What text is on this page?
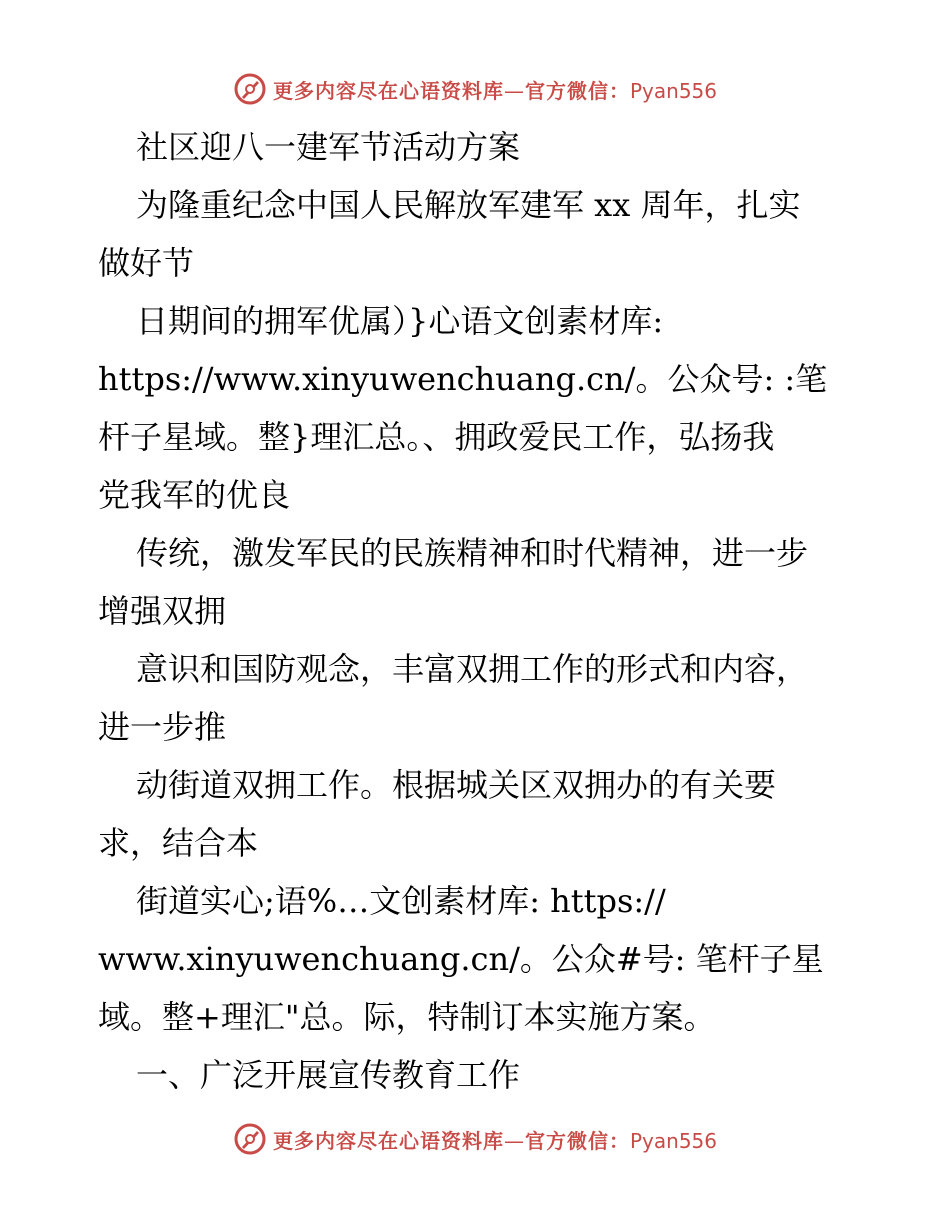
更多内容尽在心语资料库—官方微信：Pyan556
社区迎八一建军节活动方案
为隆重纪念中国人民解放军建军 xx 周年，扎实
做好节
日期间的拥军优属）}心语文创素材库:
https://www.xinyuwenchuang.cn/。公众号: :笔
杆子星域。整}理汇总。、拥政爱民工作，弘扬我
党我军的优良
传统，激发军民的民族精神和时代精神，进一步
增强双拥
意识和国防观念，丰富双拥工作的形式和内容，
进一步推
动街道双拥工作。根据城关区双拥办的有关要
求，结合本
街道实心;语%…文创素材库: https://
www.xinyuwenchuang.cn/。公众#号: 笔杆子星
域。整+理汇"总。际，特制订本实施方案。
一、广泛开展宣传教育工作
更多内容尽在心语资料库—官方微信：Pyan556
